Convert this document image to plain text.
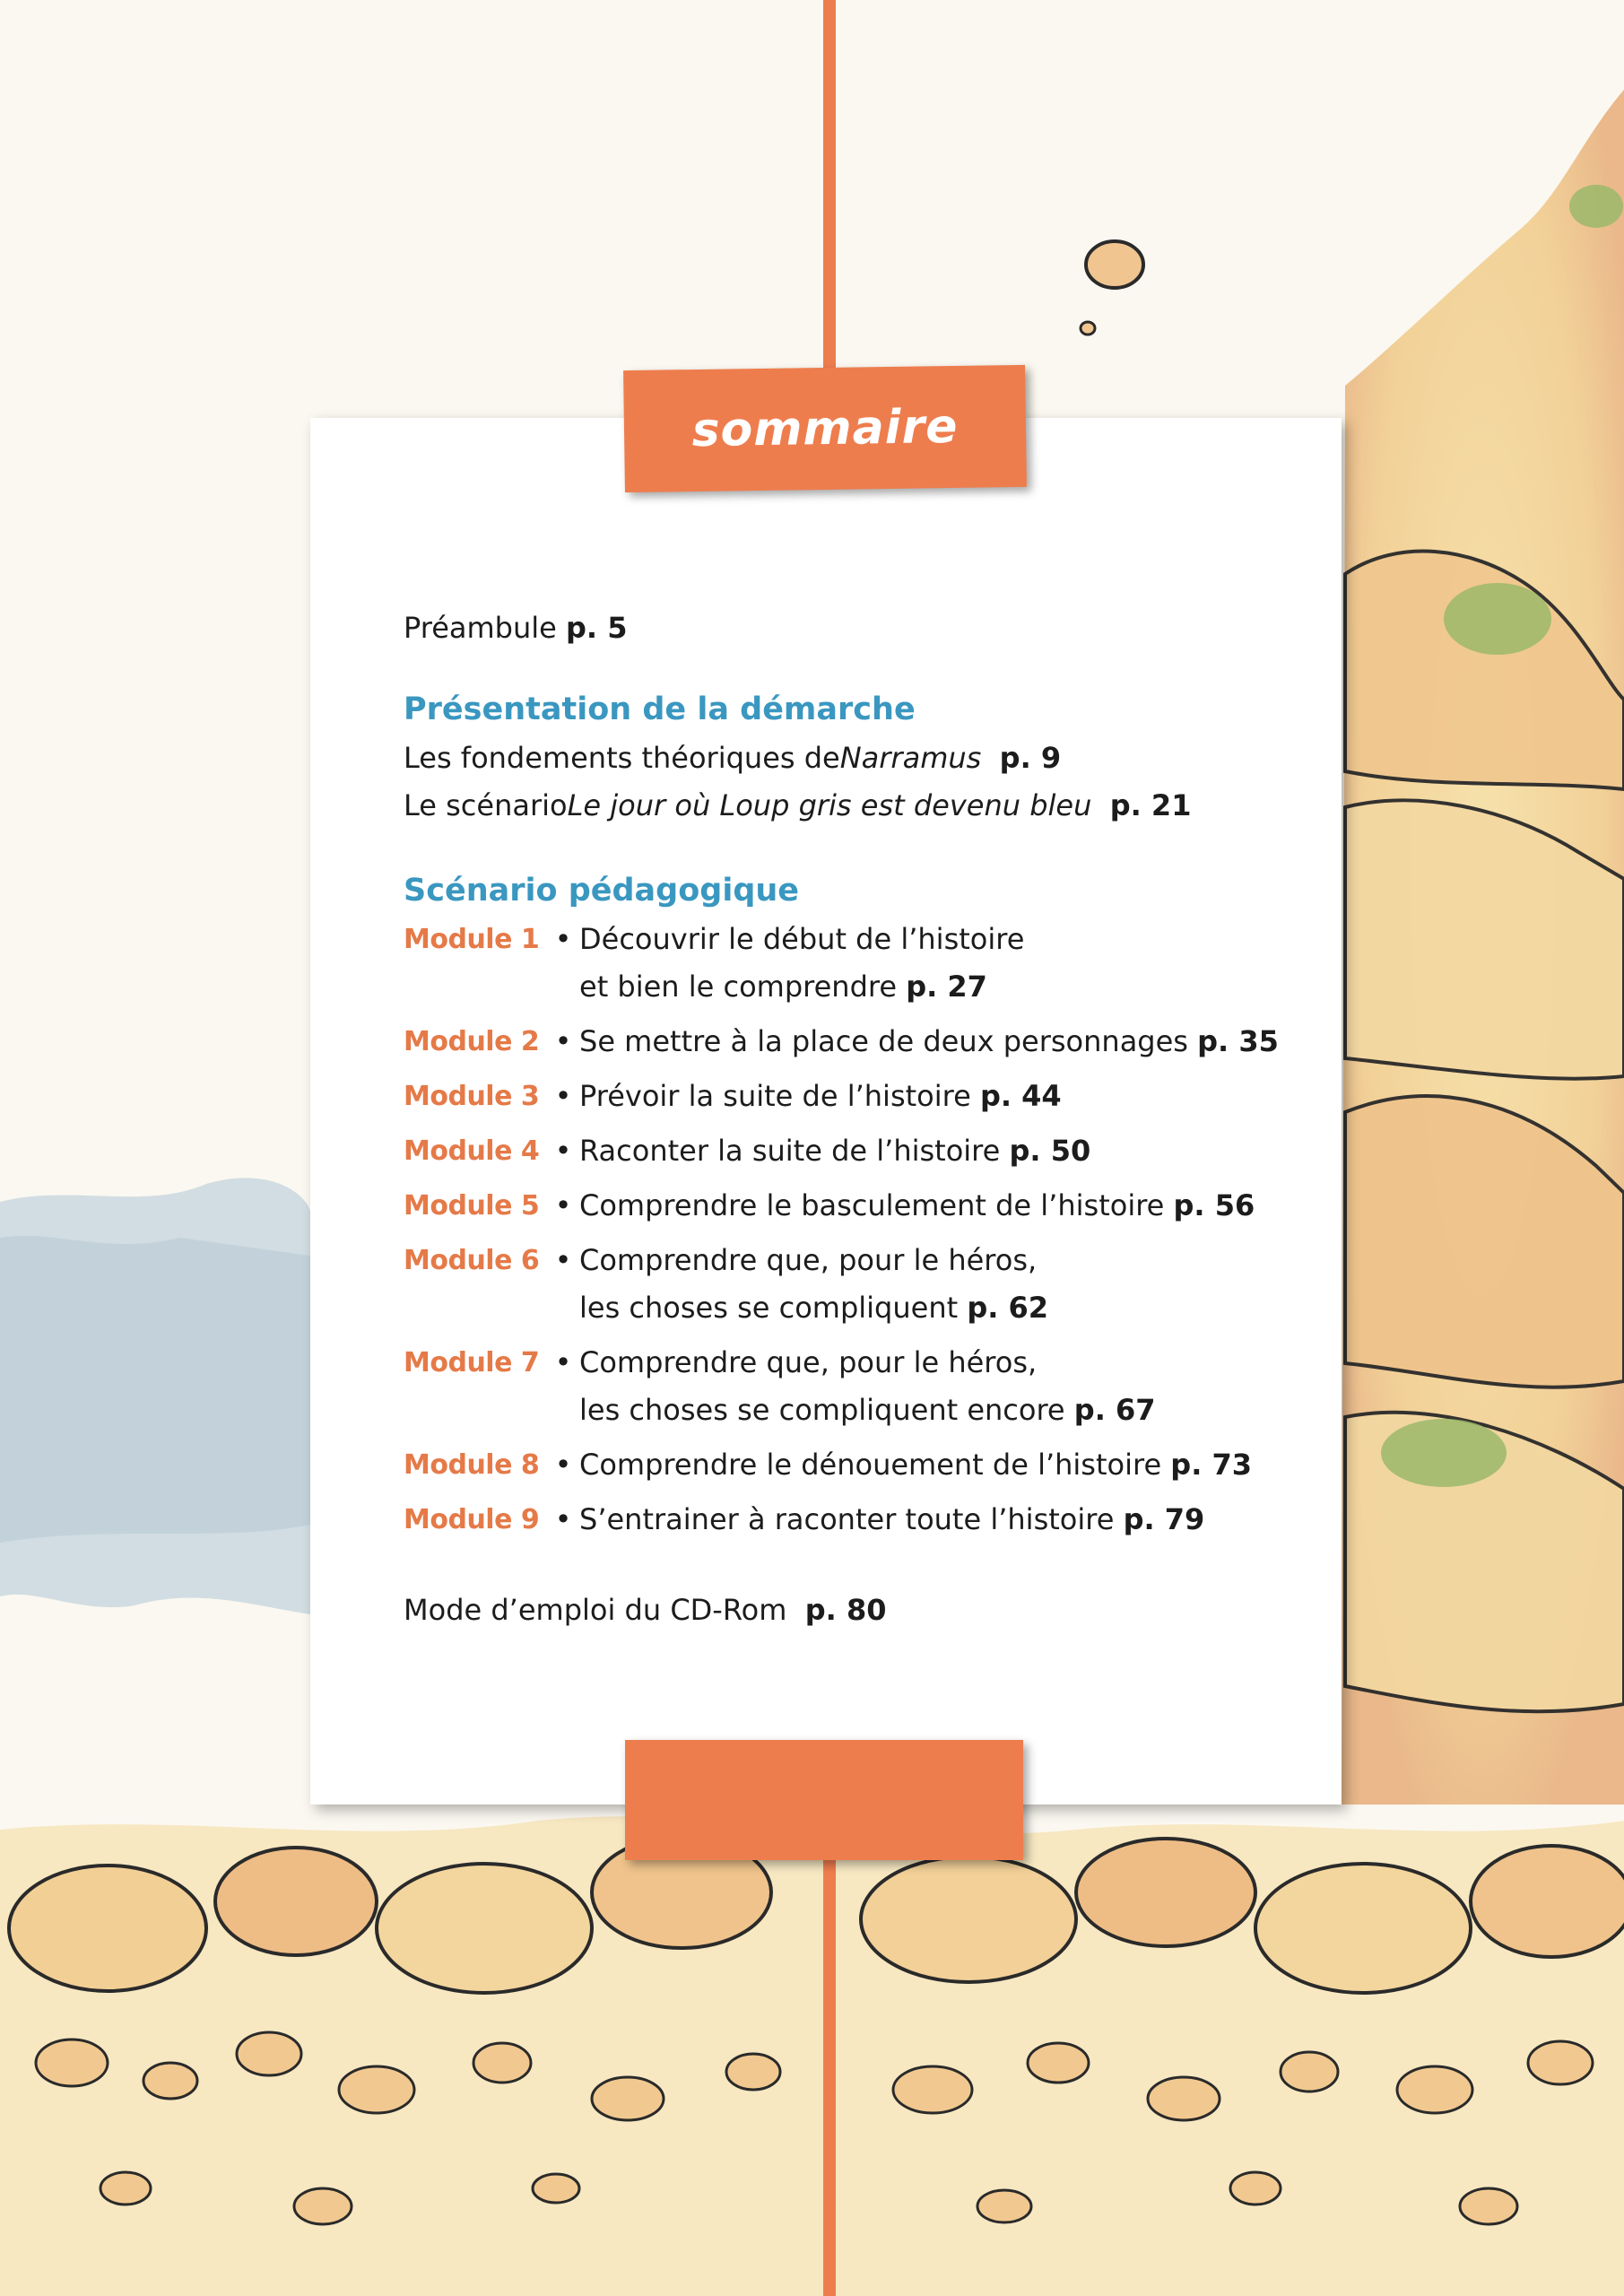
sommaire
Préambule
p. 5
Présentation de la démarche
Les fondements théoriques de Narramus
p. 9
Le scénario Le jour où Loup gris est devenu bleu
p. 21
Scénario pédagogique
Module 1 • Découvrir le début de l’histoire
et bien le comprendre p. 27
Module 2 • Se mettre à la place de deux personnages p. 35
Module 3 • Prévoir la suite de l’histoire p. 44
Module 4 • Raconter la suite de l’histoire p. 50
Module 5 • Comprendre le basculement de l’histoire p. 56
Module 6 • Comprendre que, pour le héros,
les choses se compliquent p. 62
Module 7 • Comprendre que, pour le héros,
les choses se compliquent encore p. 67
Module 8 • Comprendre le dénouement de l’histoire p. 73
Module 9 • S’entrainer à raconter toute l’histoire p. 79
Mode d’emploi du CD-Rom
p. 80
